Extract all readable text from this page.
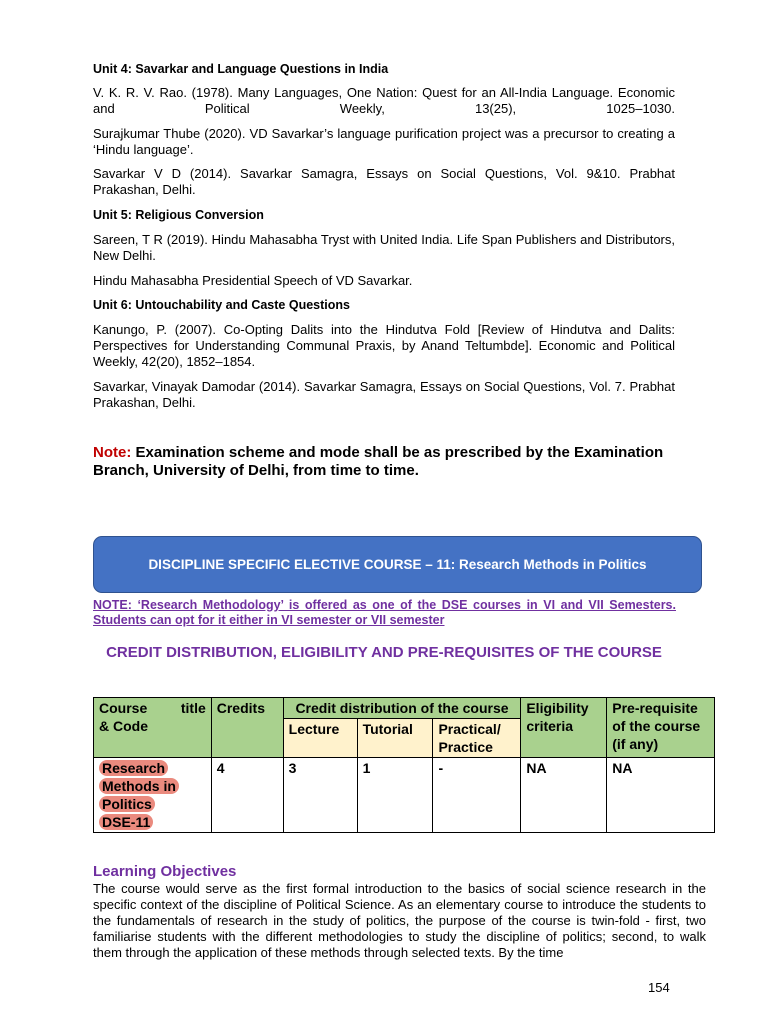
Unit 4: Savarkar and Language Questions in India
V. K. R. V. Rao. (1978). Many Languages, One Nation: Quest for an All-India Language. Economic and Political Weekly, 13(25), 1025–1030.
Surajkumar Thube (2020). VD Savarkar’s language purification project was a precursor to creating a ‘Hindu language’.
Savarkar V D (2014). Savarkar Samagra, Essays on Social Questions, Vol. 9&10. Prabhat Prakashan, Delhi.
Unit 5: Religious Conversion
Sareen, T R (2019). Hindu Mahasabha Tryst with United India. Life Span Publishers and Distributors, New Delhi.
Hindu Mahasabha Presidential Speech of VD Savarkar.
Unit 6: Untouchability and Caste Questions
Kanungo, P. (2007). Co-Opting Dalits into the Hindutva Fold [Review of Hindutva and Dalits: Perspectives for Understanding Communal Praxis, by Anand Teltumbde]. Economic and Political Weekly, 42(20), 1852–1854.
Savarkar, Vinayak Damodar (2014). Savarkar Samagra, Essays on Social Questions, Vol. 7. Prabhat Prakashan, Delhi.
Note: Examination scheme and mode shall be as prescribed by the Examination Branch, University of Delhi, from time to time.
DISCIPLINE SPECIFIC ELECTIVE COURSE – 11: Research Methods in Politics
NOTE: ‘Research Methodology’ is offered as one of the DSE courses in VI and VII Semesters. Students can opt for it either in VI semester or VII semester
CREDIT DISTRIBUTION, ELIGIBILITY AND PRE-REQUISITES OF THE COURSE
Course title
& Code	Credits	Credit distribution of the course			Eligibility criteria	Pre-requisite of the course (if any)
		Lecture	Tutorial	Practical/ Practice		

Research
Methods in
Politics
DSE-11	4	3	1	-	NA	NA
Learning Objectives
The course would serve as the first formal introduction to the basics of social science research in the specific context of the discipline of Political Science. As an elementary course to introduce the students to the fundamentals of research in the study of politics, the purpose of the course is twin-fold - first, two familiarise students with the different methodologies to study the discipline of politics; second, to walk them through the application of these methods through selected texts. By the time
154
